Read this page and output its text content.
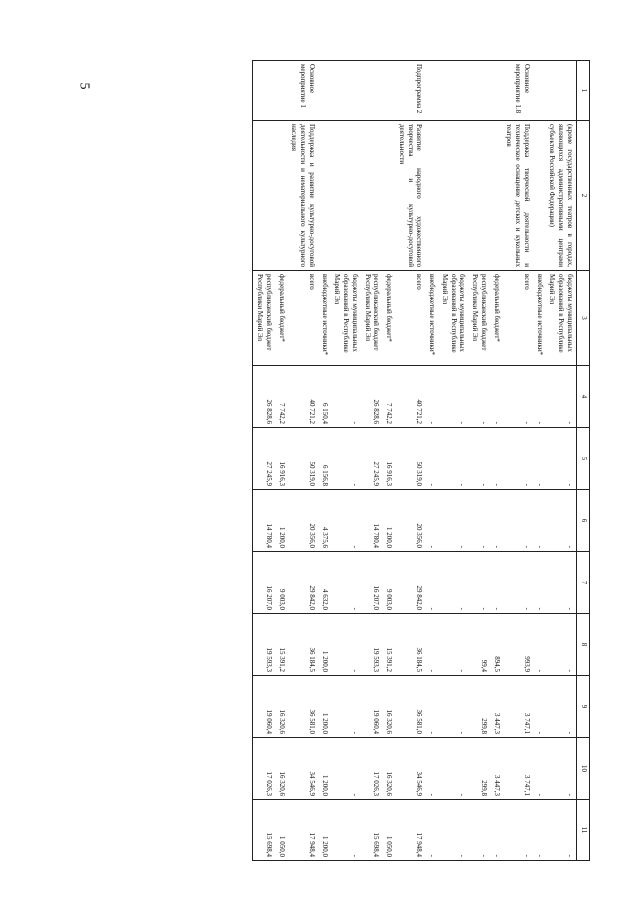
5
1	2	3	4	5	6	7	8	9	10	11
	(кроме государственных театров в городах, являющихся административными центрами субъектов Российской Федерации)	бюджеты муниципальных образований в Республике Марий Эл	-	-	-	-	-	-	-	-
		внебюджетные источники*	-	-	-	-	-	-	-	-
Основное мероприятие 1.8	Поддержка творческой деятельности и техническое оснащение детских и кукольных театров	всего	-	-	-	-	993,9	3 747,1	3 747,1	-
		федеральный бюджет*	-	-	-	-	894,5	3 447,3	3 447,3	-
		республиканский бюджет Республики Марий Эл	-	-	-	-	99,4	299,8	299,8	-
		бюджеты муниципальных образований в Республике Марий Эл	-	-	-	-	-	-	-	-
		внебюджетные источники*	-	-	-	-	-	-	-	-
Подпрограмма 2	Развитие народного художественного творчества и культурно-досуговой деятельности	всего	40 721,2	50 319,0	20 356,0	29 842,0	36 184,5	36 581,0	34 546,9	17 948,4
		федеральный бюджет*	7 742,2	16 916,3	1 200,0	9 003,0	15 391,2	16 320,6	16 320,6	1 050,0
		республиканский бюджет Республики Марий Эл	26 828,6	27 245,9	14 780,4	16 207,0	19 593,3	19 060,4	17 026,3	15 698,4
		бюджеты муниципальных образований в Республике Марий Эл	-	-	-	-	-	-	-	-
		внебюджетные источники*	6 150,4	6 156,8	4 375,6	4 632,0	1 200,0	1 200,0	1 200,0	1 200,0
Основное мероприятие 1	Поддержка и развитие культурно-досуговой деятельности и нематериального культурного наследия	всего	40 721,2	50 319,0	20 356,0	29 842,0	36 184,5	36 581,0	34 546,9	17 948,4
		федеральный бюджет*	7 742,2	16 916,3	1 200,0	9 003,0	15 391,2	16 320,6	16 320,6	1 050,0
		республиканский бюджет Республики Марий Эл	26 828,6	27 245,9	14 780,4	16 207,0	19 593,3	19 060,4	17 026,3	15 698,4
